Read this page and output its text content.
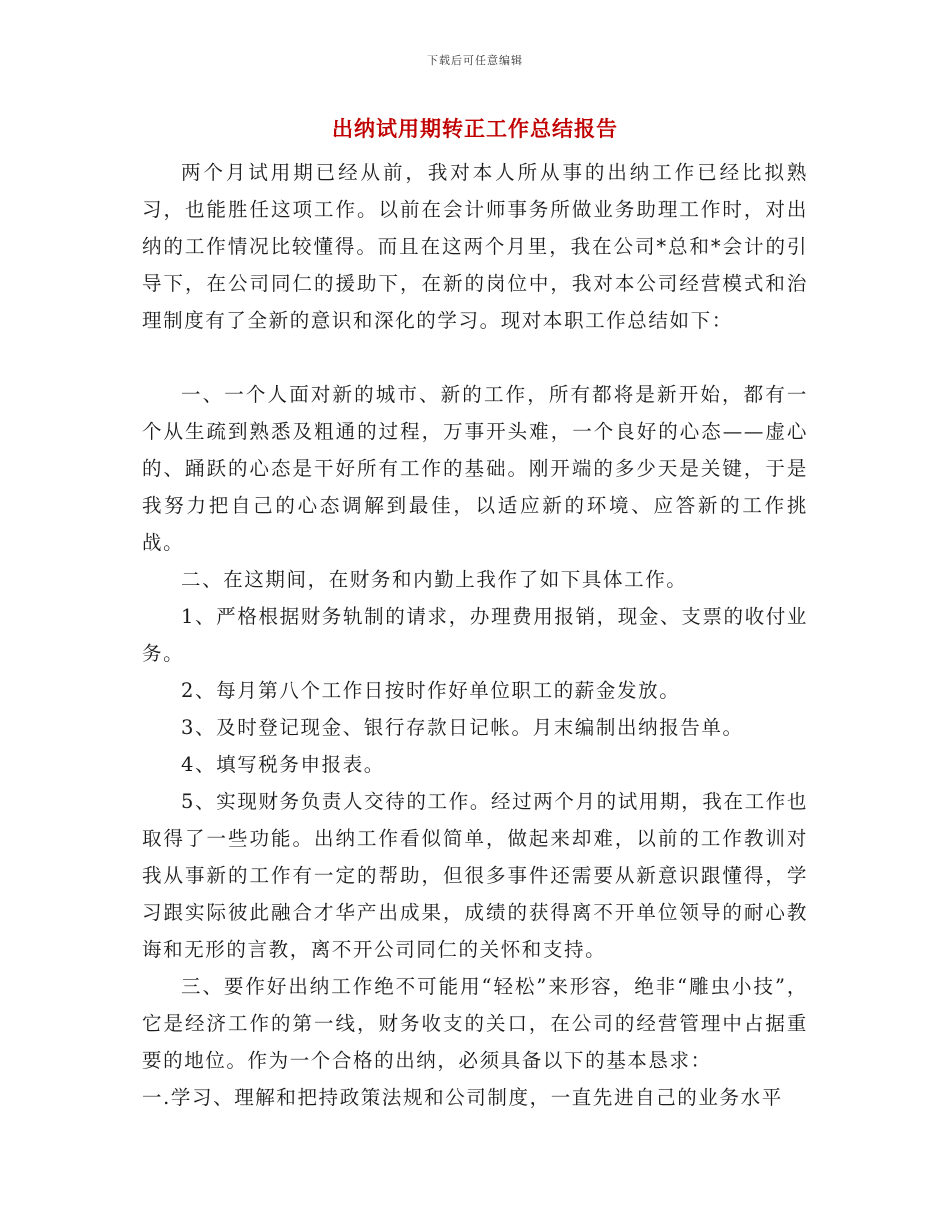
下载后可任意编辑
出纳试用期转正工作总结报告

两个月试用期已经从前，我对本人所从事的出纳工作已经比拟熟习，也能胜任这项工作。以前在会计师事务所做业务助理工作时，对出纳的工作情况比较懂得。而且在这两个月里，我在公司*总和*会计的引导下，在公司同仁的援助下，在新的岗位中，我对本公司经营模式和治理制度有了全新的意识和深化的学习。现对本职工作总结如下：

一、一个人面对新的城市、新的工作，所有都将是新开始，都有一个从生疏到熟悉及粗通的过程，万事开头难，一个良好的心态——虚心的、踊跃的心态是干好所有工作的基础。刚开端的多少天是关键，于是我努力把自己的心态调解到最佳，以适应新的环境、应答新的工作挑战。

二、在这期间，在财务和内勤上我作了如下具体工作。

1、严格根据财务轨制的请求，办理费用报销，现金、支票的收付业务。

2、每月第八个工作日按时作好单位职工的薪金发放。

3、及时登记现金、银行存款日记帐。月末编制出纳报告单。

4、填写税务申报表。

5、实现财务负责人交待的工作。经过两个月的试用期，我在工作也取得了一些功能。出纳工作看似简单，做起来却难，以前的工作教训对我从事新的工作有一定的帮助，但很多事件还需要从新意识跟懂得，学习跟实际彼此融合才华产出成果，成绩的获得离不开单位领导的耐心教诲和无形的言教，离不开公司同仁的关怀和支持。

三、要作好出纳工作绝不可能用“轻松”来形容，绝非“雕虫小技”，它是经济工作的第一线，财务收支的关口，在公司的经营管理中占据重要的地位。作为一个合格的出纳，必须具备以下的基本恳求：

一.学习、理解和把持政策法规和公司制度，一直先进自己的业务水平
